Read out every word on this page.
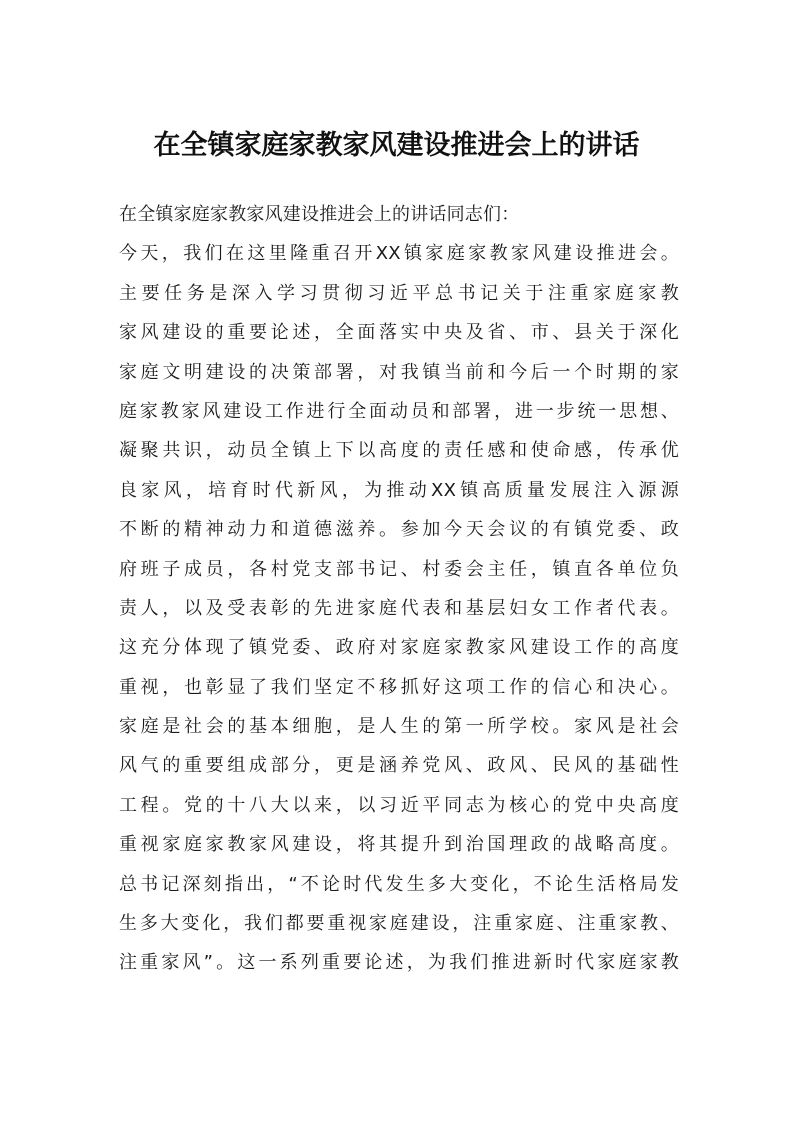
在全镇家庭家教家风建设推进会上的讲话
在全镇家庭家教家风建设推进会上的讲话同志们：
今天，我们在这里隆重召开XX镇家庭家教家风建设推进会。
主要任务是深入学习贯彻习近平总书记关于注重家庭家教
家风建设的重要论述，全面落实中央及省、市、县关于深化
家庭文明建设的决策部署，对我镇当前和今后一个时期的家
庭家教家风建设工作进行全面动员和部署，进一步统一思想、
凝聚共识，动员全镇上下以高度的责任感和使命感，传承优
良家风，培育时代新风，为推动XX镇高质量发展注入源源
不断的精神动力和道德滋养。参加今天会议的有镇党委、政
府班子成员，各村党支部书记、村委会主任，镇直各单位负
责人，以及受表彰的先进家庭代表和基层妇女工作者代表。
这充分体现了镇党委、政府对家庭家教家风建设工作的高度
重视，也彰显了我们坚定不移抓好这项工作的信心和决心。
家庭是社会的基本细胞，是人生的第一所学校。家风是社会
风气的重要组成部分，更是涵养党风、政风、民风的基础性
工程。党的十八大以来，以习近平同志为核心的党中央高度
重视家庭家教家风建设，将其提升到治国理政的战略高度。
总书记深刻指出，“不论时代发生多大变化，不论生活格局发
生多大变化，我们都要重视家庭建设，注重家庭、注重家教、
注重家风”。这一系列重要论述，为我们推进新时代家庭家教
